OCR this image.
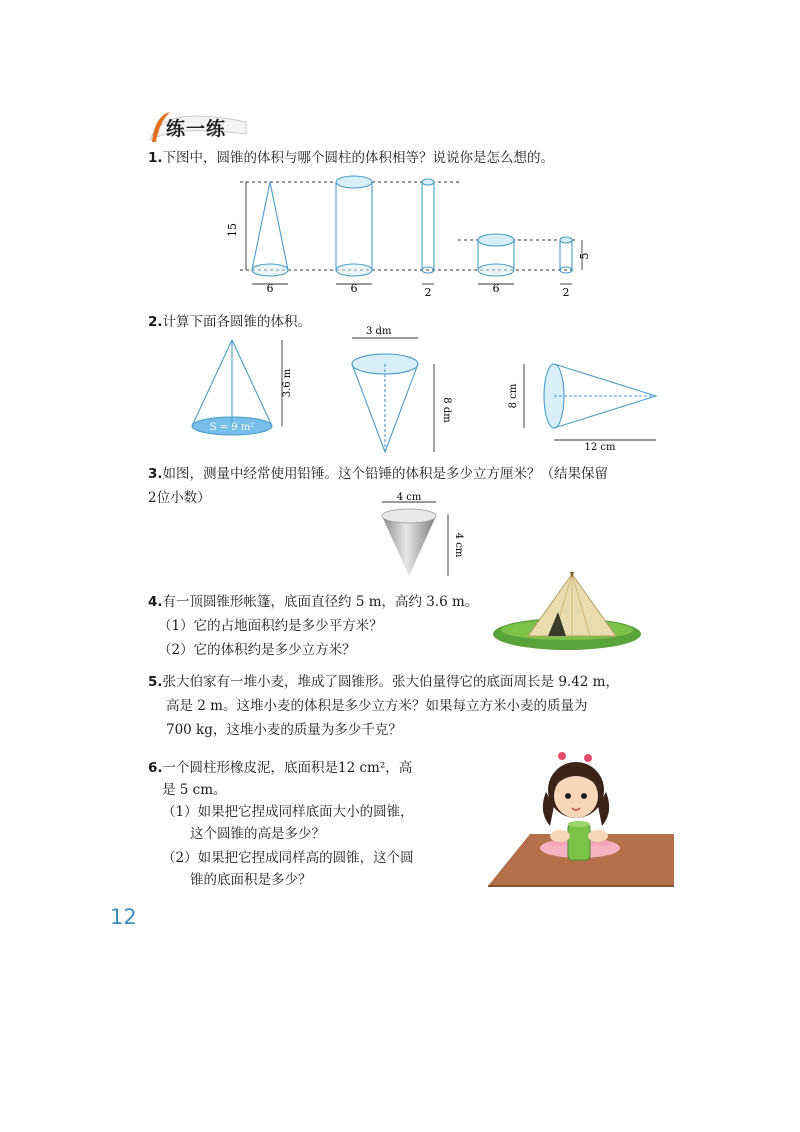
练一练
1.下图中，圆锥的体积与哪个圆柱的体积相等？说说你是怎么想的。
15
6	6	2	6	2
5
2.计算下面各圆锥的体积。
S = 9 m²
3.6 m
3 dm
8 dm
8 cm
12 cm
3.如图，测量中经常使用铅锤。这个铅锤的体积是多少立方厘米？（结果保留
2位小数）	4 cm
4 cm
4.有一顶圆锥形帐篷，底面直径约 5 m，高约 3.6 m。
（1）它的占地面积约是多少平方米？
（2）它的体积约是多少立方米？
5.张大伯家有一堆小麦，堆成了圆锥形。张大伯量得它的底面周长是 9.42 m，
高是 2 m。这堆小麦的体积是多少立方米？如果每立方米小麦的质量为
700 kg，这堆小麦的质量为多少千克？
6.一个圆柱形橡皮泥，底面积是12 cm²，高
是 5 cm。
（1）如果把它捏成同样底面大小的圆锥，
这个圆锥的高是多少？
（2）如果把它捏成同样高的圆锥，这个圆
锥的底面积是多少？
12
